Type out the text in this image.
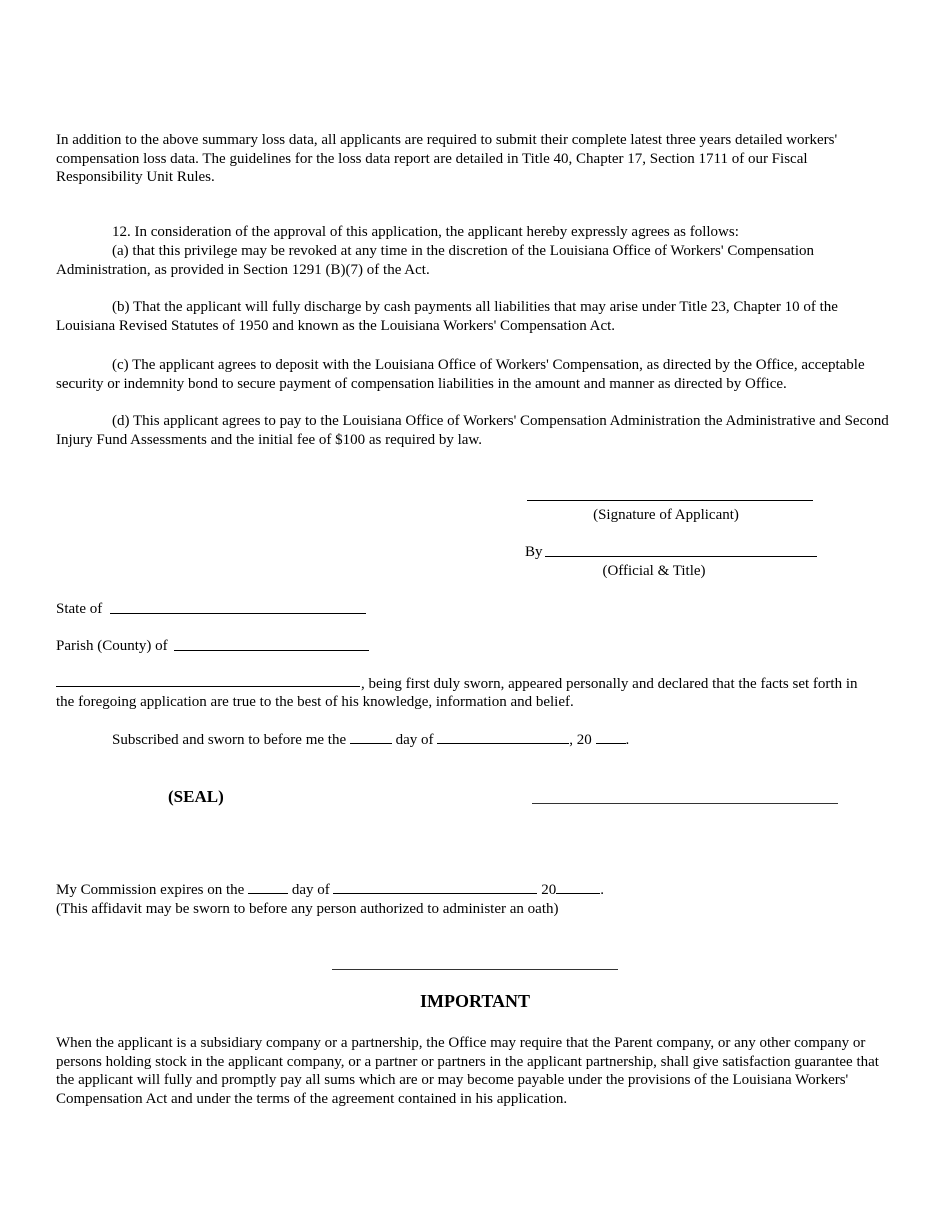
In addition to the above summary loss data, all applicants are required to submit their complete latest three years detailed workers' compensation loss data. The guidelines for the loss data report are detailed in Title 40, Chapter 17, Section 1711 of our Fiscal Responsibility Unit Rules.

12. In consideration of the approval of this application, the applicant hereby expressly agrees as follows:

(a) that this privilege may be revoked at any time in the discretion of the Louisiana Office of Workers' Compensation Administration, as provided in Section 1291 (B)(7) of the Act.

(b) That the applicant will fully discharge by cash payments all liabilities that may arise under Title 23, Chapter 10 of the Louisiana Revised Statutes of 1950 and known as the Louisiana Workers' Compensation Act.

(c) The applicant agrees to deposit with the Louisiana Office of Workers' Compensation, as directed by the Office, acceptable security or indemnity bond to secure payment of compensation liabilities in the amount and manner as directed by Office.

(d) This applicant agrees to pay to the Louisiana Office of Workers' Compensation Administration the Administrative and Second Injury Fund Assessments and the initial fee of $100 as required by law.

(Signature of Applicant)
By
(Official & Title)
State of
Parish (County) of
, being first duly sworn, appeared personally and declared that the facts set forth in
the foregoing application are true to the best of his knowledge, information and belief.
Subscribed and sworn to before me the	day of	, 20 .
(SEAL)
My Commission expires on the	day of	20	.
(This affidavit may be sworn to before any person authorized to administer an oath)
IMPORTANT

When the applicant is a subsidiary company or a partnership, the Office may require that the Parent company, or any other company or persons holding stock in the applicant company, or a partner or partners in the applicant partnership, shall give satisfaction guarantee that the applicant will fully and promptly pay all sums which are or may become payable under the provisions of the Louisiana Workers' Compensation Act and under the terms of the agreement contained in his application.
